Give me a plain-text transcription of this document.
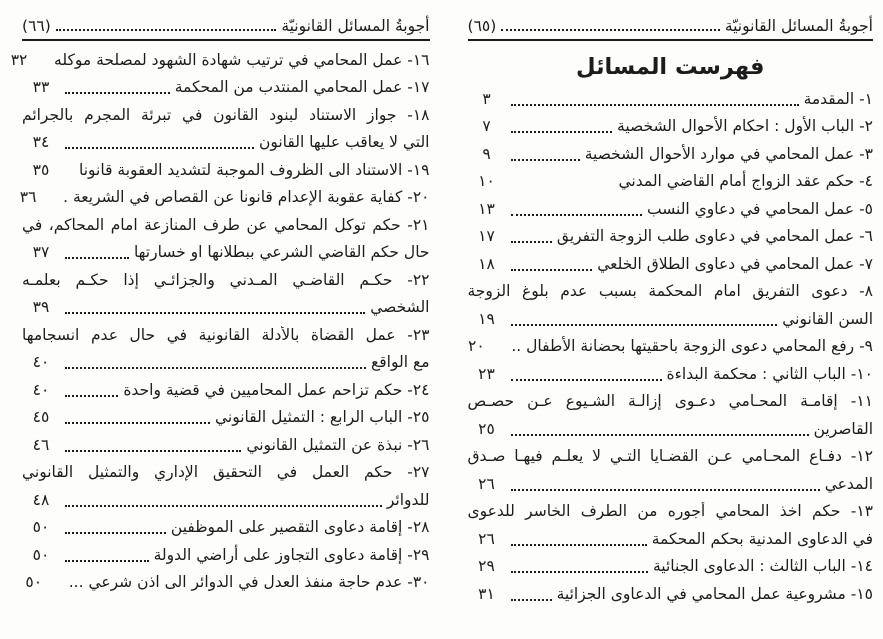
أجوبةُ المسائل القانونيّة
(٦٦)
١٦- عمل المحامي في ترتيب شهادة الشهود لمصلحة موكله
٣٢
١٧- عمل المحامي المنتدب من المحكمة
٣٣
١٨- جواز الاستناد لبنود القانون في تبرئة المجرم بالجرائم
التي لا يعاقب عليها القانون
٣٤
١٩- الاستناد الى الظروف الموجبة لتشديد العقوبة قانونا
٣٥
٢٠- كفاية عقوبة الإعدام قانونا عن القصاص في الشريعة .
٣٦
٢١- حكم توكل المحامي عن طرف المنازعة امام المحاكم، في
حال حكم القاضي الشرعي ببطلانها او خسارتها
٣٧
٢٢- حكـم القاضـي المـدني والجزائـي إذا حكـم بعلمـه
الشخصي
٣٩
٢٣- عمل القضاة بالأدلة القانونية في حال عدم انسجامها
مع الواقع
٤٠
٢٤- حكم تزاحم عمل المحاميين في قضية واحدة
٤٠
٢٥- الباب الرابع : التمثيل القانوني
٤٥
٢٦- نبذة عن التمثيل القانوني
٤٦
٢٧- حكم العمل في التحقيق الإداري والتمثيل القانوني
للدوائر
٤٨
٢٨- إقامة دعاوى التقصير على الموظفين
٥٠
٢٩- إقامة دعاوى التجاوز على أراضي الدولة
٥٠
٣٠- عدم حاجة منفذ العدل في الدوائر الى اذن شرعي ...
٥٠
أجوبةُ المسائل القانونيّة
(٦٥)
فهرست المسائل
١- المقدمة
٣
٢- الباب الأول : احكام الأحوال الشخصية
٧
٣- عمل المحامي في موارد الأحوال الشخصية
٩
٤- حكم عقد الزواج أمام القاضي المدني
١٠
٥- عمل المحامي في دعاوي النسب
١٣
٦- عمل المحامي في دعاوى طلب الزوجة التفريق
١٧
٧- عمل المحامي في دعاوى الطلاق الخلعي
١٨
٨- دعوى التفريق امام المحكمة بسبب عدم بلوغ الزوجة
السن القانوني
١٩
٩- رفع المحامي دعوى الزوجة باحقيتها بحضانة الأطفال ..
٢٠
١٠- الباب الثاني : محكمة البداءة
٢٣
١١- إقامـة المحـامي دعـوى إزالـة الشـيوع عـن حصـص
القاصرين
٢٥
١٢- دفـاع المحـامي عـن القضـايا التـي لا يعلـم فيهـا صـدق
المدعي
٢٦
١٣- حكم اخذ المحامي أجوره من الطرف الخاسر للدعوى
في الدعاوى المدنية بحكم المحكمة
٢٦
١٤- الباب الثالث : الدعاوى الجنائية
٢٩
١٥- مشروعية عمل المحامي في الدعاوى الجزائية
٣١
